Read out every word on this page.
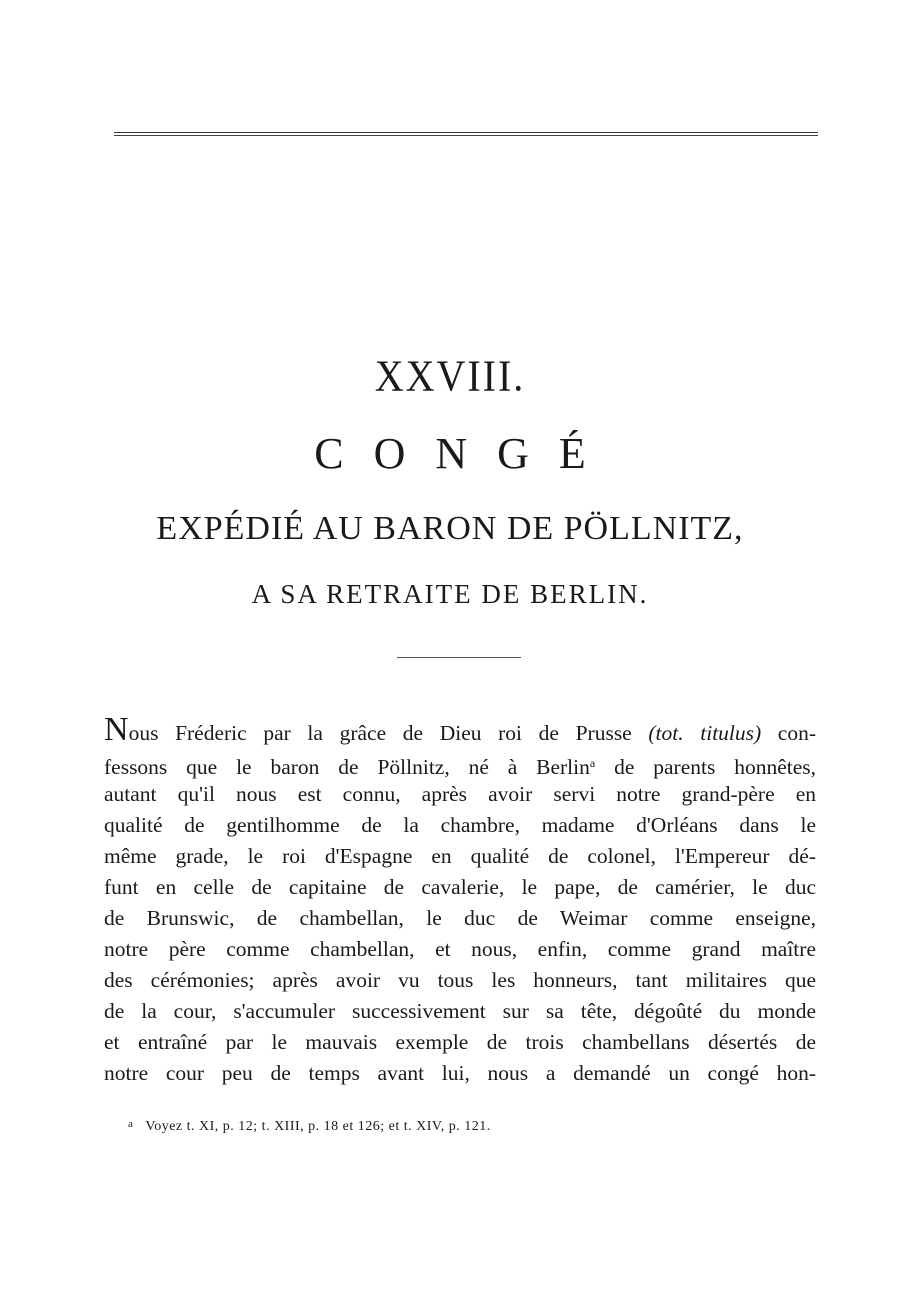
XXVIII.
CONGÉ
EXPÉDIÉ AU BARON DE PÖLLNITZ,
A SA RETRAITE DE BERLIN.
Nous Fréderic par la grâce de Dieu roi de Prusse (tot. titulus) con-
fessons que le baron de Pöllnitz, né à Berlin$^a$ de parents honnêtes,
autant qu'il nous est connu, après avoir servi notre grand-père en
qualité de gentilhomme de la chambre, madame d'Orléans dans le
même grade, le roi d'Espagne en qualité de colonel, l'Empereur dé-
funt en celle de capitaine de cavalerie, le pape, de camérier, le duc
de Brunswic, de chambellan, le duc de Weimar comme enseigne,
notre père comme chambellan, et nous, enfin, comme grand maître
des cérémonies; après avoir vu tous les honneurs, tant militaires que
de la cour, s'accumuler successivement sur sa tête, dégoûté du monde
et entraîné par le mauvais exemple de trois chambellans désertés de
notre cour peu de temps avant lui, nous a demandé un congé hon-
$^a$ Voyez t. XI, p. 12; t. XIII, p. 18 et 126; et t. XIV, p. 121.
